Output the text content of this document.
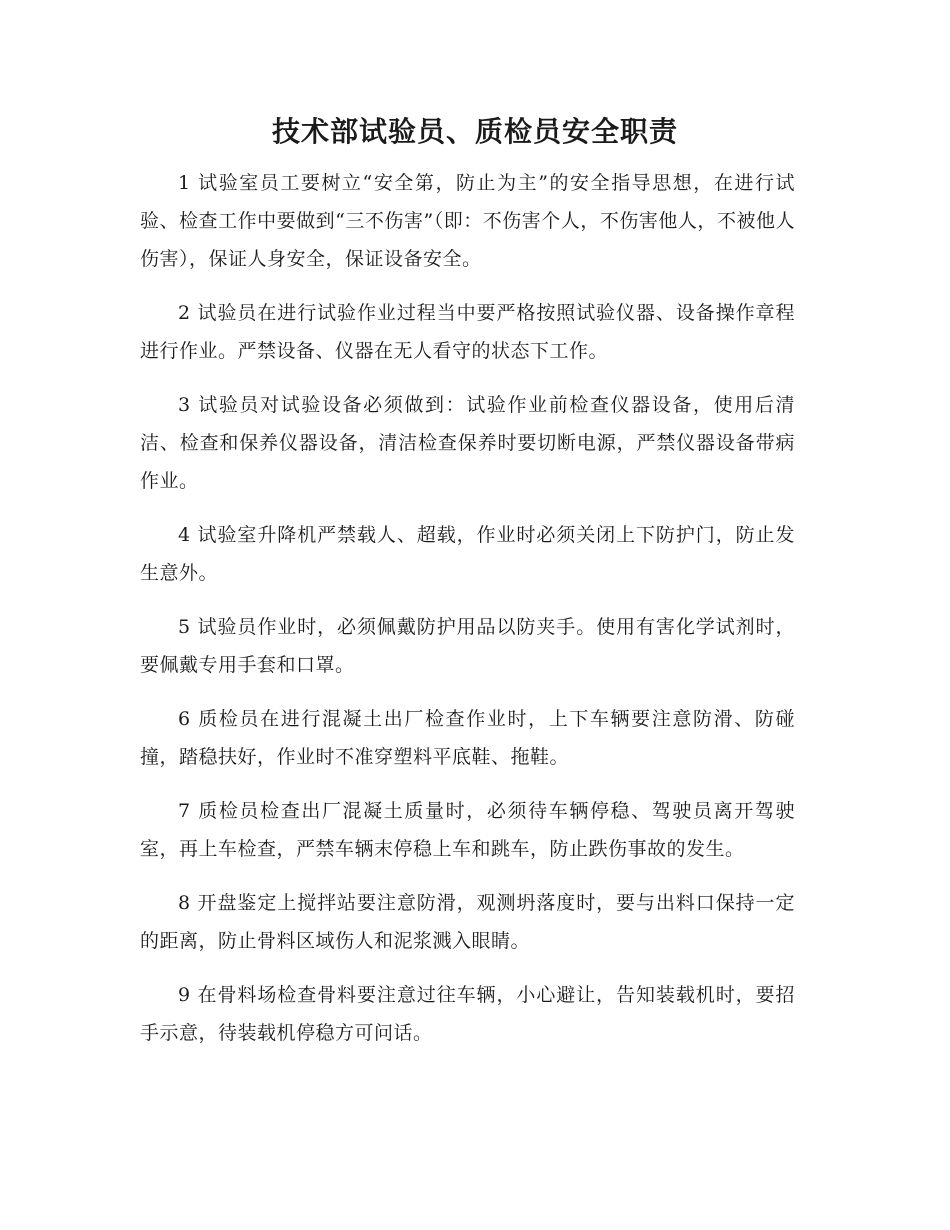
技术部试验员、质检员安全职责

1 试验室员工要树立“安全第，防止为主”的安全指导思想，在进行试验、检查工作中要做到“三不伤害”（即：不伤害个人，不伤害他人，不被他人伤害），保证人身安全，保证设备安全。

2 试验员在进行试验作业过程当中要严格按照试验仪器、设备操作章程进行作业。严禁设备、仪器在无人看守的状态下工作。

3 试验员对试验设备必须做到：试验作业前检查仪器设备，使用后清洁、检查和保养仪器设备，清洁检查保养时要切断电源，严禁仪器设备带病作业。

4 试验室升降机严禁载人、超载，作业时必须关闭上下防护门，防止发生意外。

5 试验员作业时，必须佩戴防护用品以防夹手。使用有害化学试剂时，要佩戴专用手套和口罩。

6 质检员在进行混凝土出厂检查作业时，上下车辆要注意防滑、防碰撞，踏稳扶好，作业时不准穿塑料平底鞋、拖鞋。

7 质检员检查出厂混凝土质量时，必须待车辆停稳、驾驶员离开驾驶室，再上车检查，严禁车辆末停稳上车和跳车，防止跌伤事故的发生。

8 开盘鉴定上搅拌站要注意防滑，观测坍落度时，要与出料口保持一定的距离，防止骨料区域伤人和泥浆溅入眼睛。

9 在骨料场检查骨料要注意过往车辆，小心避让，告知装载机时，要招手示意，待装载机停稳方可问话。
